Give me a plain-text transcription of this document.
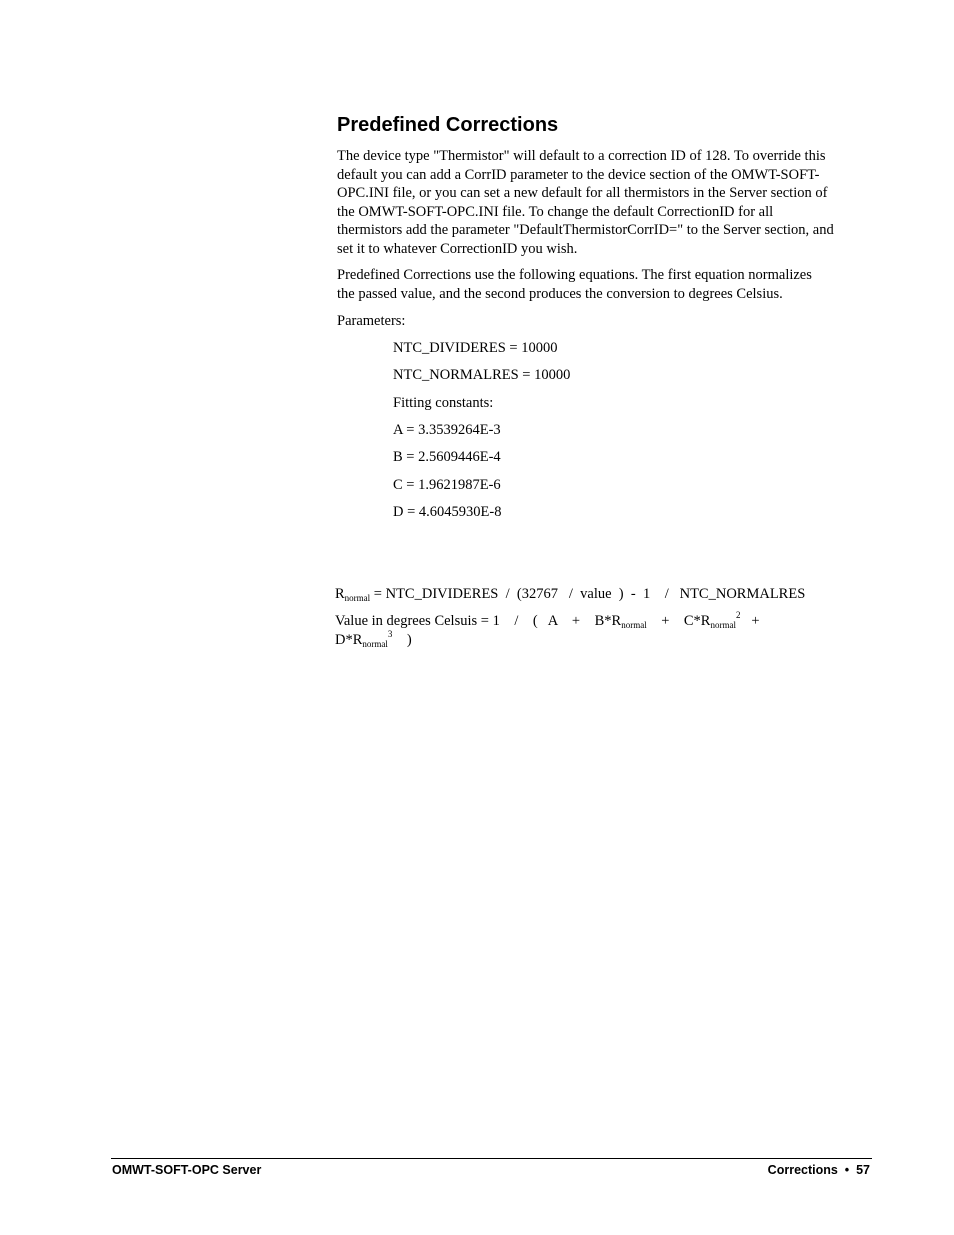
Predefined Corrections

The device type "Thermistor" will default to a correction ID of 128. To override this
default you can add a CorrID parameter to the device section of the OMWT-SOFT-
OPC.INI file, or you can set a new default for all thermistors in the Server section of
the OMWT-SOFT-OPC.INI file. To change the default CorrectionID for all
thermistors add the parameter "DefaultThermistorCorrID=" to the Server section, and
set it to whatever CorrectionID you wish.

Predefined Corrections use the following equations. The first equation normalizes
the passed value, and the second produces the conversion to degrees Celsius.

Parameters:

NTC_DIVIDERES = 10000

NTC_NORMALRES = 10000

Fitting constants:

A = 3.3539264E-3

B = 2.5609446E-4

C = 1.9621987E-6

D = 4.6045930E-8

$R_{normal}$ = NTC_DIVIDERES  /  (32767   /  value  )  -  1    /   NTC_NORMALRES

Value in degrees Celsuis = 1    /    (   A    +    $B*R_{normal}$    +    $C*R_{normal}^2$   +

$D*R_{normal}^3$    )

OMWT-SOFT-OPC Server	Corrections  •  57
